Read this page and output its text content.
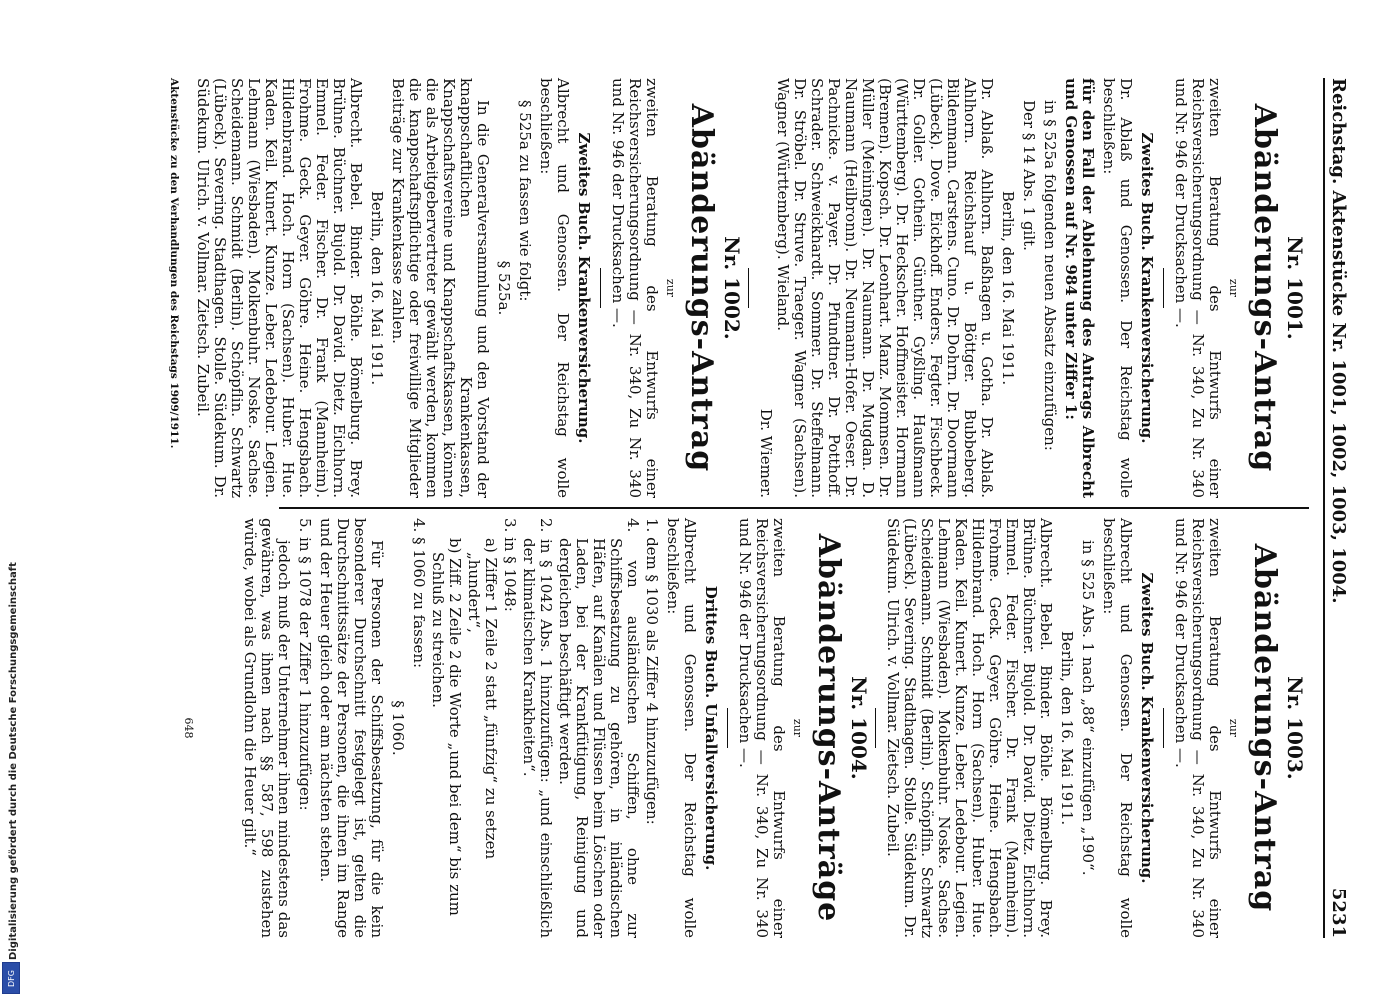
Reichstag. Aktenstücke Nr. 1001, 1002, 1003, 1004.
5231
Nr. 1001.
Abänderungs-Antrag
zur
zweiten Beratung des Entwurfs einer Reichsversicherungsordnung — Nr. 340, Zu Nr. 340 und Nr. 946 der Drucksachen —.
Zweites Buch. Krankenversicherung.
Dr. Ablaß und Genossen. Der Reichstag wolle beschließen:
für den Fall der Ablehnung des Antrags Albrecht und Genossen auf Nr. 984 unter Ziffer 1:
in § 525a folgenden neuen Absatz einzufügen:
Der § 14 Abs. 1 gilt.
Berlin, den 16. Mai 1911.
Dr. Ablaß. Ahlhorn. Baßhagen u. Gotha. Dr. Ablaß. Ahlhorn. Reichshauf u. Böttger. Bubbeberg. Bildenmann. Carstens. Cuno. Dr. Dohrn. Dr. Doormann (Lübeck). Dove. Eickhoff. Enders. Fegter. Fischbeck. Dr. Goller. Gothein. Günther. Gyßling. Haußmann (Württemberg). Dr. Heckscher. Hoffmeister. Hormann (Bremen). Kopsch. Dr. Leonhart. Manz. Mommsen. Dr. Müller (Meiningen). Dr. Naumann. Dr. Mugdan. D. Naumann (Heilbronn). Dr. Neumann-Hofer. Oeser. Dr. Pachnicke. v. Payer. Dr. Pfundtner. Dr. Potthoff. Schrader. Schweickhardt. Sommer. Dr. Steffelmann. Dr. Ströbel. Dr. Struve. Traeger. Wagner (Sachsen). Wagner (Württemberg). Wieland.
Dr. Wiemer.
Nr. 1002.
Abänderungs-Antrag
zur
zweiten Beratung des Entwurfs einer Reichsversicherungsordnung — Nr. 340, Zu Nr. 340 und Nr. 946 der Drucksachen —.
Zweites Buch. Krankenversicherung.
Albrecht und Genossen. Der Reichstag wolle beschließen:
§ 525a zu fassen wie folgt:
§ 525a.
In die Generalversammlung und den Vorstand der knappschaftlichen Krankenkassen, Knappschaftsvereine und Knappschaftskassen, können die als Arbeitgebervertreter gewählt werden, kommen die knappschaftspflichtige oder freiwillige Mitglieder Beiträge zur Krankenkasse zahlen.
Berlin, den 16. Mai 1911.
Albrecht. Bebel. Binder. Böhle. Bömelburg. Brey. Brühne. Büchner. Bujold. Dr. David. Dietz. Eichhorn. Emmel. Feder. Fischer. Dr. Frank (Mannheim). Frohme. Geck. Geyer. Göhre. Heine. Hengsbach. Hildenbrand. Hoch. Horn (Sachsen). Huber. Hue. Kaden. Keil. Kunert. Kunze. Leber. Ledebour. Legien. Lehmann (Wiesbaden). Molkenbuhr. Noske. Sachse. Scheidemann. Schmidt (Berlin). Schöpflin. Schwartz (Lübeck). Severing. Stadthagen. Stolle. Südekum. Dr. Südekum. Ulrich. v. Vollmar. Zietsch. Zubeil.
Aktenstücke zu den Verhandlungen des Reichstags 1909/1911.
Nr. 1003.
Abänderungs-Antrag
zur
zweiten Beratung des Entwurfs einer Reichsversicherungsordnung — Nr. 340, Zu Nr. 340 und Nr. 946 der Drucksachen —.
Zweites Buch. Krankenversicherung.
Albrecht und Genossen. Der Reichstag wolle beschließen:
in § 525 Abs. 1 nach „88“ einzufügen „190“.
Berlin, den 16. Mai 1911.
Albrecht. Bebel. Binder. Böhle. Bömelburg. Brey. Brühne. Büchner. Bujold. Dr. David. Dietz. Eichhorn. Emmel. Feder. Fischer. Dr. Frank (Mannheim). Frohme. Geck. Geyer. Göhre. Heine. Hengsbach. Hildenbrand. Hoch. Horn (Sachsen). Huber. Hue. Kaden. Keil. Kunert. Kunze. Leber. Ledebour. Legien. Lehmann (Wiesbaden). Molkenbuhr. Noske. Sachse. Scheidemann. Schmidt (Berlin). Schöpflin. Schwartz (Lübeck). Severing. Stadthagen. Stolle. Südekum. Dr. Südekum. Ulrich. v. Vollmar. Zietsch. Zubeil.
Nr. 1004.
Abänderungs-Anträge
zur
zweiten Beratung des Entwurfs einer Reichsversicherungsordnung — Nr. 340, Zu Nr. 340 und Nr. 946 der Drucksachen —.
Drittes Buch. Unfallversicherung.
Albrecht und Genossen. Der Reichstag wolle beschließen:
1. dem § 1030 als Ziffer 4 hinzuzufügen:
4. von ausländischen Schiffen, ohne zur Schiffsbesatzung zu gehören, in inländischen Häfen, auf Kanälen und Flüssen beim Löschen oder Laden, bei der Krankfütigung, Reinigung und dergleichen beschäftigt werden.
2. in § 1042 Abs. 1 hinzuzufügen: „und einschließlich der klimatischen Krankheiten“.
3. in § 1048:
a) Ziffer 1 Zeile 2 statt „fünfzig“ zu setzen „hundert“,
b) Ziff. 2 Zeile 2 die Worte „und bei dem“ bis zum Schluß zu streichen.
4. § 1060 zu fassen:
§ 1060.
Für Personen der Schiffsbesatzung, für die kein besonderer Durchschnitt festgelegt ist, gelten die Durchschnittssätze der Personen, die ihnen im Range und der Heuer gleich oder am nächsten stehen.
5. in § 1078 der Ziffer 1 hinzuzufügen:
jedoch muß der Unternehmer ihnen mindestens das gewähren, was ihnen nach §§ 587, 598 zustehen würde, wobei als Grundlohn die Heuer gilt.“
648
Digitalisierung gefördert durch die Deutsche Forschungsgemeinschaft
DFG
